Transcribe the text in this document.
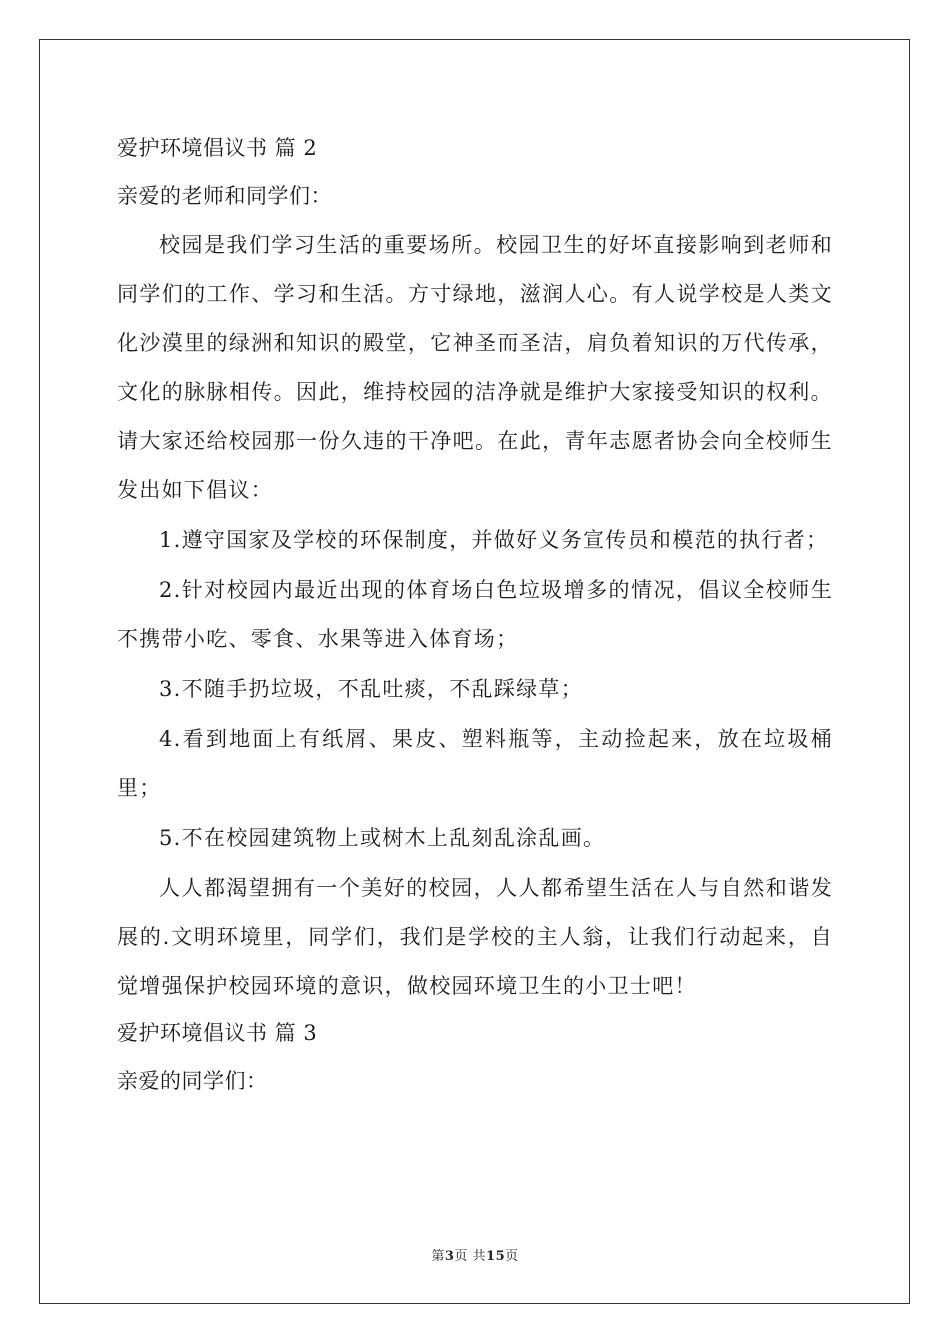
爱护环境倡议书 篇 2
亲爱的老师和同学们：
校园是我们学习生活的重要场所。校园卫生的好坏直接影响到老师和同学们的工作、学习和生活。方寸绿地，滋润人心。有人说学校是人类文化沙漠里的绿洲和知识的殿堂，它神圣而圣洁，肩负着知识的万代传承，文化的脉脉相传。因此，维持校园的洁净就是维护大家接受知识的权利。请大家还给校园那一份久违的干净吧。在此，青年志愿者协会向全校师生发出如下倡议：
1.遵守国家及学校的环保制度，并做好义务宣传员和模范的执行者；
2.针对校园内最近出现的体育场白色垃圾增多的情况，倡议全校师生不携带小吃、零食、水果等进入体育场；
3.不随手扔垃圾，不乱吐痰，不乱踩绿草；
4.看到地面上有纸屑、果皮、塑料瓶等，主动捡起来，放在垃圾桶里；
5.不在校园建筑物上或树木上乱刻乱涂乱画。
人人都渴望拥有一个美好的校园，人人都希望生活在人与自然和谐发展的.文明环境里，同学们，我们是学校的主人翁，让我们行动起来，自觉增强保护校园环境的意识，做校园环境卫生的小卫士吧！
爱护环境倡议书 篇 3
亲爱的同学们：
第3页 共15页
